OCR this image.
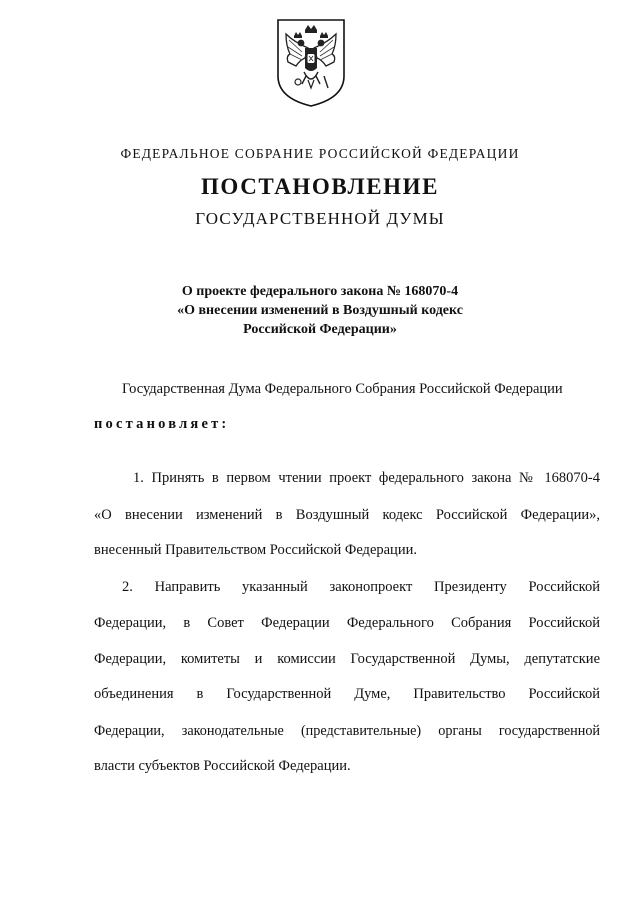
ФЕДЕРАЛЬНОЕ СОБРАНИЕ РОССИЙСКОЙ ФЕДЕРАЦИИ
ПОСТАНОВЛЕНИЕ
ГОСУДАРСТВЕННОЙ ДУМЫ
О проекте федерального закона № 168070-4
«О внесении изменений в Воздушный кодекс
Российской Федерации»
Государственная Дума Федерального Собрания Российской Федерации
постановляет:
1. Принять в первом чтении проект федерального закона № 168070-4
«О внесении изменений в Воздушный кодекс Российской Федерации»,
внесенный Правительством Российской Федерации.
2. Направить указанный законопроект Президенту Российской
Федерации, в Совет Федерации Федерального Собрания Российской
Федерации, комитеты и комиссии Государственной Думы, депутатские
объединения в Государственной Думе, Правительство Российской
Федерации, законодательные (представительные) органы государственной
власти субъектов Российской Федерации.
